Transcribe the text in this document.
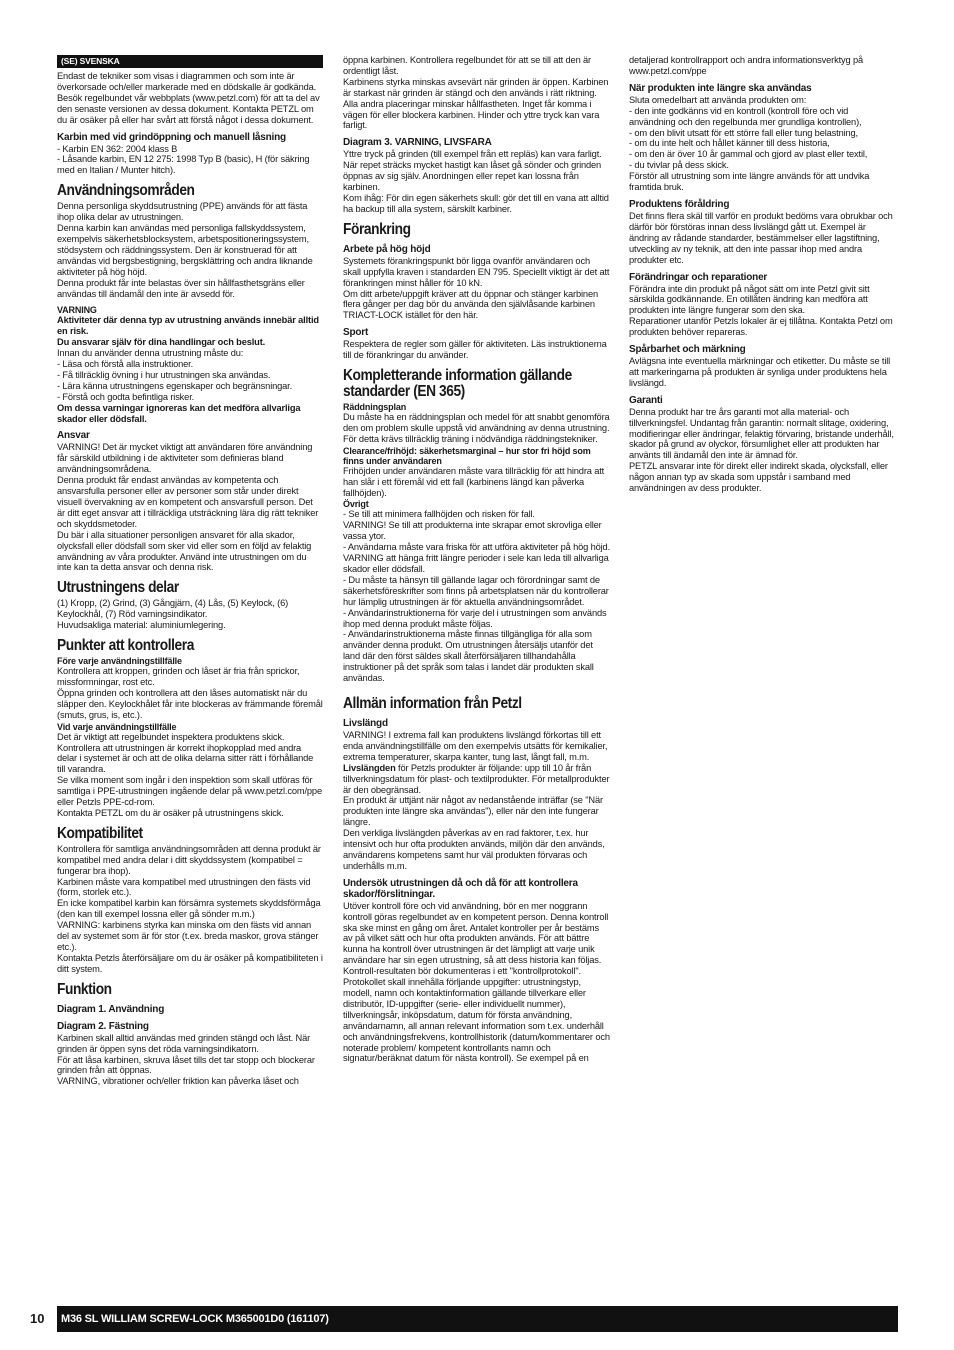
(SE) SVENSKA

Endast de tekniker som visas i diagrammen och som inte är överkorsade och/eller markerade med en dödskalle är godkända. Besök regelbundet vår webbplats (www.petzl.com) för att ta del av den senaste versionen av dessa dokument. Kontakta PETZL om du är osäker på eller har svårt att förstå något i dessa dokument.

Karbin med vid grindöppning och manuell låsning

- Karbin EN 362: 2004 klass B
- Låsande karbin, EN 12 275: 1998 Typ B (basic), H (för säkring med en Italian / Munter hitch).

Användningsområden

Denna personliga skyddsutrustning (PPE) används för att fästa ihop olika delar av utrustningen.
Denna karbin kan användas med personliga fallskyddssystem, exempelvis säkerhetsblocksystem, arbetspositioneringssystem, stödsystem och räddningssystem. Den är konstruerad för att användas vid bergsbestigning, bergsklättring och andra liknande aktiviteter på hög höjd.
Denna produkt får inte belastas över sin hållfasthetsgräns eller användas till ändamål den inte är avsedd för.

VARNING

Aktiviteter där denna typ av utrustning används innebär alltid en risk.

Du ansvarar själv för dina handlingar och beslut.

Innan du använder denna utrustning måste du:
- Läsa och förstå alla instruktioner.
- Få tillräcklig övning i hur utrustningen ska användas.
- Lära känna utrustningens egenskaper och begränsningar.
- Förstå och godta befintliga risker.

Om dessa varningar ignoreras kan det medföra allvarliga skador eller dödsfall.

Ansvar

VARNING! Det är mycket viktigt att användaren före användning får särskild utbildning i de aktiviteter som definieras bland användningsområdena.
Denna produkt får endast användas av kompetenta och ansvarsfulla personer eller av personer som står under direkt visuell övervakning av en kompetent och ansvarsfull person. Det är ditt eget ansvar att i tillräckliga utsträckning lära dig rätt tekniker och skyddsmetoder.
Du bär i alla situationer personligen ansvaret för alla skador, olycksfall eller dödsfall som sker vid eller som en följd av felaktig användning av våra produkter. Använd inte utrustningen om du inte kan ta detta ansvar och denna risk.

Utrustningens delar

(1) Kropp, (2) Grind, (3) Gångjärn, (4) Lås, (5) Keylock, (6) Keylockhål, (7) Röd varningsindikator.
Huvudsakliga material: aluminiumlegering.

Punkter att kontrollera
Före varje användningstillfälle

Kontrollera att kroppen, grinden och låset är fria från sprickor, missformningar, rost etc.
Öppna grinden och kontrollera att den låses automatiskt när du släpper den. Keylockhålet får inte blockeras av främmande föremål (smuts, grus, is, etc.).

Vid varje användningstillfälle

Det är viktigt att regelbundet inspektera produktens skick. Kontrollera att utrustningen är korrekt ihopkopplad med andra delar i systemet är och att de olika delarna sitter rätt i förhållande till varandra.
Se vilka moment som ingår i den inspektion som skall utföras för samtliga i PPE-utrustningen ingående delar på www.petzl.com/ppe eller Petzls PPE-cd-rom.
Kontakta PETZL om du är osäker på utrustningens skick.

Kompatibilitet

Kontrollera för samtliga användningsområden att denna produkt är kompatibel med andra delar i ditt skyddssystem (kompatibel = fungerar bra ihop).
Karbinen måste vara kompatibel med utrustningen den fästs vid (form, storlek etc.).
En icke kompatibel karbin kan försämra systemets skyddsförmåga (den kan till exempel lossna eller gå sönder m.m.)
VARNING: karbinens styrka kan minska om den fästs vid annan del av systemet som är för stor (t.ex. breda maskor, grova stänger etc.).
Kontakta Petzls återförsäljare om du är osäker på kompatibiliteten i ditt system.

Funktion
Diagram 1. Användning
Diagram 2. Fästning

Karbinen skall alltid användas med grinden stängd och låst. När grinden är öppen syns det röda varningsindikatorn.
För att låsa karbinen, skruva låset tills det tar stopp och blockerar grinden från att öppnas.
VARNING, vibrationer och/eller friktion kan påverka låset och

öppna karbinen. Kontrollera regelbundet för att se till att den är ordentligt låst.
Karbinens styrka minskas avsevärt när grinden är öppen. Karbinen är starkast när grinden är stängd och den används i rätt riktning. Alla andra placeringar minskar hållfastheten. Inget får komma i vägen för eller blockera karbinen. Hinder och yttre tryck kan vara farligt.

Diagram 3. VARNING, LIVSFARA

Yttre tryck på grinden (till exempel från ett repläs) kan vara farligt. När repet sträcks mycket hastigt kan låset gå sönder och grinden öppnas av sig själv. Anordningen eller repet kan lossna från karbinen.
Kom ihåg: För din egen säkerhets skull: gör det till en vana att alltid ha backup till alla system, särskilt karbiner.

Förankring
Arbete på hög höjd

Systemets förankringspunkt bör ligga ovanför användaren och skall uppfylla kraven i standarden EN 795. Speciellt viktigt är det att förankringen minst håller för 10 kN.
Om ditt arbete/uppgift kräver att du öppnar och stänger karbinen flera gånger per dag bör du använda den självlåsande karbinen TRIACT-LOCK istället för den här.

Sport

Respektera de regler som gäller för aktiviteten. Läs instruktionerna till de förankringar du använder.

Kompletterande information gällande standarder (EN 365)
Räddningsplan

Du måste ha en räddningsplan och medel för att snabbt genomföra den om problem skulle uppstå vid användning av denna utrustning. För detta krävs tillräcklig träning i nödvändiga räddningstekniker.

Clearance/frihöjd: säkerhetsmarginal – hur stor fri höjd som finns under användaren

Frihöjden under användaren måste vara tillräcklig för att hindra att han slår i ett föremål vid ett fall (karbinens längd kan påverka fallhöjden).

Övrigt

- Se till att minimera fallhöjden och risken för fall.
VARNING! Se till att produkterna inte skrapar emot skrovliga eller vassa ytor.
- Användarna måste vara friska för att utföra aktiviteter på hög höjd. VARNING att hänga fritt längre perioder i sele kan leda till allvarliga skador eller dödsfall.
- Du måste ta hänsyn till gällande lagar och förordningar samt de säkerhetsföreskrifter som finns på arbetsplatsen när du kontrollerar hur lämplig utrustningen är för aktuella användningsområdet.
- Användarinstruktionerna för varje del i utrustningen som används ihop med denna produkt måste följas.
- Användarinstruktionerna måste finnas tillgängliga för alla som använder denna produkt. Om utrustningen återsäljs utanför det land där den först säldes skall återförsäljaren tillhandahålla instruktioner på det språk som talas i landet där produkten skall användas.

Allmän information från Petzl
Livslängd

VARNING! I extrema fall kan produktens livslängd förkortas till ett enda användningstillfälle om den exempelvis utsätts för kemikalier, extrema temperaturer, skarpa kanter, tung last, långt fall, m.m.

Livslängden för Petzls produkter är följande: upp till 10 år från tillverkningsdatum för plast- och textilprodukter. För metallprodukter är den obegränsad.
En produkt är uttjänt när något av nedanstående inträffar (se "När produkten inte längre ska användas"), eller när den inte fungerar längre.
Den verkliga livslängden påverkas av en rad faktorer, t.ex. hur intensivt och hur ofta produkten används, miljön där den används, användarens kompetens samt hur väl produkten förvaras och underhålls m.m.

Undersök utrustningen då och då för att kontrollera skador/förslitningar.

Utöver kontroll före och vid användning, bör en mer noggrann kontroll göras regelbundet av en kompetent person. Denna kontroll ska ske minst en gång om året. Antalet kontroller per år bestäms av på vilket sätt och hur ofta produkten används. För att bättre kunna ha kontroll över utrustningen är det lämpligt att varje unik användare har sin egen utrustning, så att dess historia kan följas. Kontroll-resultaten bör dokumenteras i ett "kontrollprotokoll". Protokollet skall innehålla förljande uppgifter: utrustningstyp, modell, namn och kontaktinformation gällande tillverkare eller distributör, ID-uppgifter (serie- eller individuellt nummer), tillverkningsår, inköpsdatum, datum för första användning, användarnamn, all annan relevant information som t.ex. underhåll och användningsfrekvens, kontrollhistorik (datum/kommentarer och noterade problem/ kompetent kontrollants namn och signatur/beräknat datum för nästa kontroll). Se exempel på en

detaljerad kontrollrapport och andra informationsverktyg på www.petzl.com/ppe

När produkten inte längre ska användas

Sluta omedelbart att använda produkten om:
- den inte godkänns vid en kontroll (kontroll före och vid användning och den regelbunda mer grundliga kontrollen),
- om den blivit utsatt för ett större fall eller tung belastning,
- om du inte helt och hållet känner till dess historia,
- om den är över 10 år gammal och gjord av plast eller textil,
- du tvivlar på dess skick.
Förstör all utrustning som inte längre används för att undvika framtida bruk.

Produktens föråldring

Det finns flera skäl till varför en produkt bedöms vara obrukbar och därför bör förstöras innan dess livslängd gått ut. Exempel är ändring av rådande standarder, bestämmelser eller lagstiftning, utveckling av ny teknik, att den inte passar ihop med andra produkter etc.

Förändringar och reparationer

Förändra inte din produkt på något sätt om inte Petzl givit sitt särskilda godkännande. En otillåten ändring kan medföra att produkten inte längre fungerar som den ska.
Reparationer utanför Petzls lokaler är ej tillåtna. Kontakta Petzl om produkten behöver repareras.

Spårbarhet och märkning

Avlägsna inte eventuella märkningar och etiketter. Du måste se till att markeringarna på produkten är synliga under produktens hela livslängd.

Garanti

Denna produkt har tre års garanti mot alla material- och tillverkningsfel. Undantag från garantin: normalt slitage, oxidering, modifieringar eller ändringar, felaktig förvaring, bristande underhåll, skador på grund av olyckor, försumlighet eller att produkten har använts till ändamål den inte är ämnad för.
PETZL ansvarar inte för direkt eller indirekt skada, olycksfall, eller någon annan typ av skada som uppstår i samband med användningen av dess produkter.

10	M36 SL WILLIAM SCREW-LOCK M365001D0 (161107)
